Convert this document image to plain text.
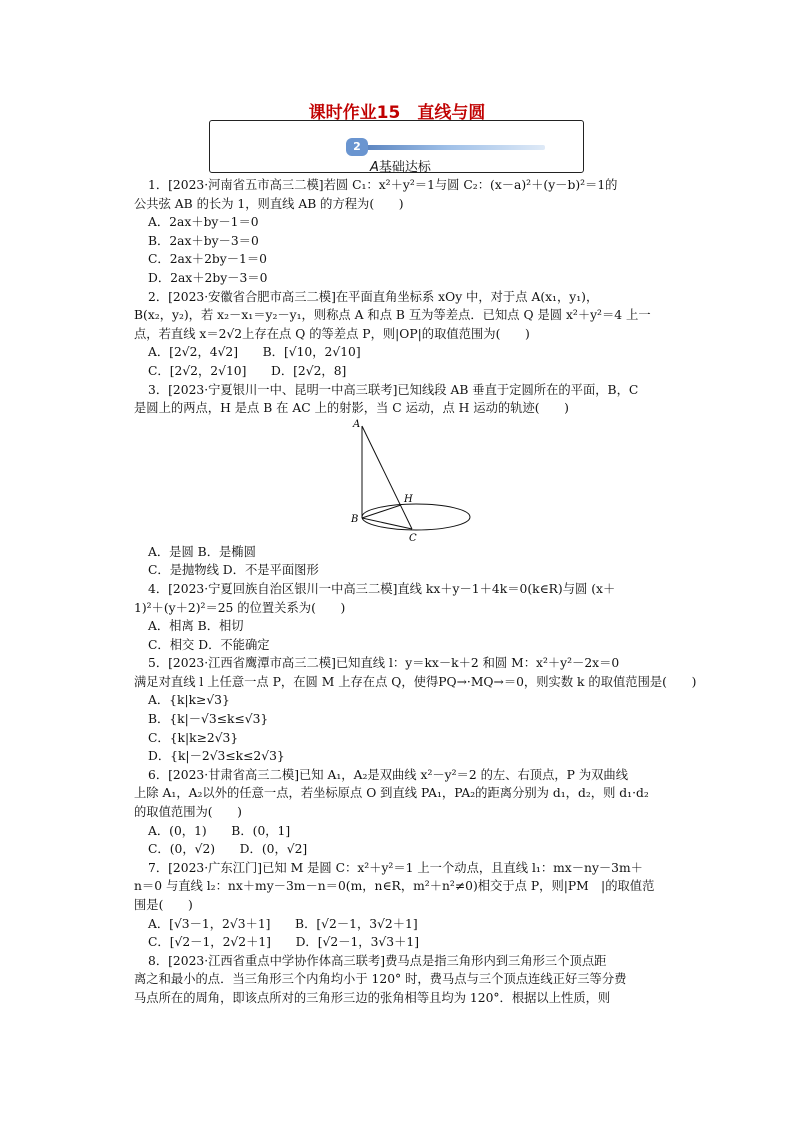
课时作业15　直线与圆
2
A基础达标

1．[2023·河南省五市高三二模]若圆 C₁：x²＋y²＝1与圆 C₂：(x－a)²＋(y－b)²＝1的

公共弦 AB 的长为 1，则直线 AB 的方程为(　　)

A．2ax＋by－1＝0

B．2ax＋by－3＝0

C．2ax＋2by－1＝0

D．2ax＋2by－3＝0

2．[2023·安徽省合肥市高三二模]在平面直角坐标系 xOy 中，对于点 A(x₁，y₁)，

B(x₂，y₂)，若 x₂－x₁＝y₂－y₁，则称点 A 和点 B 互为等差点．已知点 Q 是圆 x²＋y²＝4 上一

点，若直线 x＝2√2上存在点 Q 的等差点 P，则|OP|的取值范围为(　　)

A．[2√2，4√2]　　B．[√10，2√10]

C．[2√2，2√10]　　D．[2√2，8]

3．[2023·宁夏银川一中、昆明一中高三联考]已知线段 AB 垂直于定圆所在的平面，B，C

是圆上的两点，H 是点 B 在 AC 上的射影，当 C 运动，点 H 运动的轨迹(　　)

A
B
C
H

A．是圆 B．是椭圆

C．是抛物线 D．不是平面图形

4．[2023·宁夏回族自治区银川一中高三二模]直线 kx＋y－1＋4k＝0(k∈R)与圆 (x＋

1)²＋(y＋2)²＝25 的位置关系为(　　)

A．相离 B．相切

C．相交 D．不能确定

5．[2023·江西省鹰潭市高三二模]已知直线 l：y＝kx－k＋2 和圆 M：x²＋y²－2x＝0

满足对直线 l 上任意一点 P，在圆 M 上存在点 Q，使得PQ→·MQ→＝0，则实数 k 的取值范围是(　　)

A．{k|k≥√3}

B．{k|－√3≤k≤√3}

C．{k|k≥2√3}

D．{k|－2√3≤k≤2√3}

6．[2023·甘肃省高三二模]已知 A₁，A₂是双曲线 x²－y²＝2 的左、右顶点，P 为双曲线

上除 A₁，A₂以外的任意一点，若坐标原点 O 到直线 PA₁，PA₂的距离分别为 d₁，d₂，则 d₁·d₂

的取值范围为(　　)

A．(0，1)　　B．(0，1]

C．(0，√2)　　D．(0，√2]

7．[2023·广东江门]已知 M 是圆 C：x²＋y²＝1 上一个动点，且直线 l₁：mx－ny－3m＋

n＝0 与直线 l₂：nx＋my－3m－n＝0(m，n∈R，m²＋n²≠0)相交于点 P，则|PM　|的取值范

围是(　　)

A．[√3－1，2√3＋1]　　B．[√2－1，3√2＋1]

C．[√2－1，2√2＋1]　　D．[√2－1，3√3＋1]

8．[2023·江西省重点中学协作体高三联考]费马点是指三角形内到三角形三个顶点距

离之和最小的点．当三角形三个内角均小于 120° 时，费马点与三个顶点连线正好三等分费

马点所在的周角，即该点所对的三角形三边的张角相等且均为 120°．根据以上性质，则
